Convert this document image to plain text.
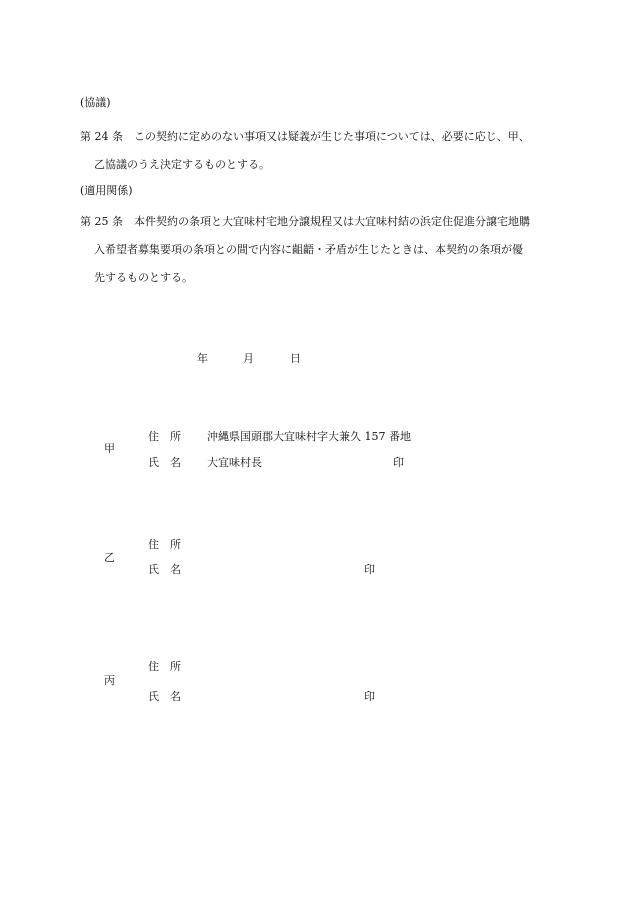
(協議)
第 24 条　この契約に定めのない事項又は疑義が生じた事項については、必要に応じ、甲、
乙協議のうえ決定するものとする。
(適用関係)
第 25 条　本件契約の条項と大宜味村宅地分譲規程又は大宜味村結の浜定住促進分譲宅地購
入希望者募集要項の条項との間で内容に齟齬・矛盾が生じたときは、本契約の条項が優
先するものとする。
年	月	日
甲
住　所 沖縄県国頭郡大宜味村字大兼久 157 番地
氏　名 大宜味村長	印
乙
住　所
氏　名	印
丙
住　所
氏　名	印
